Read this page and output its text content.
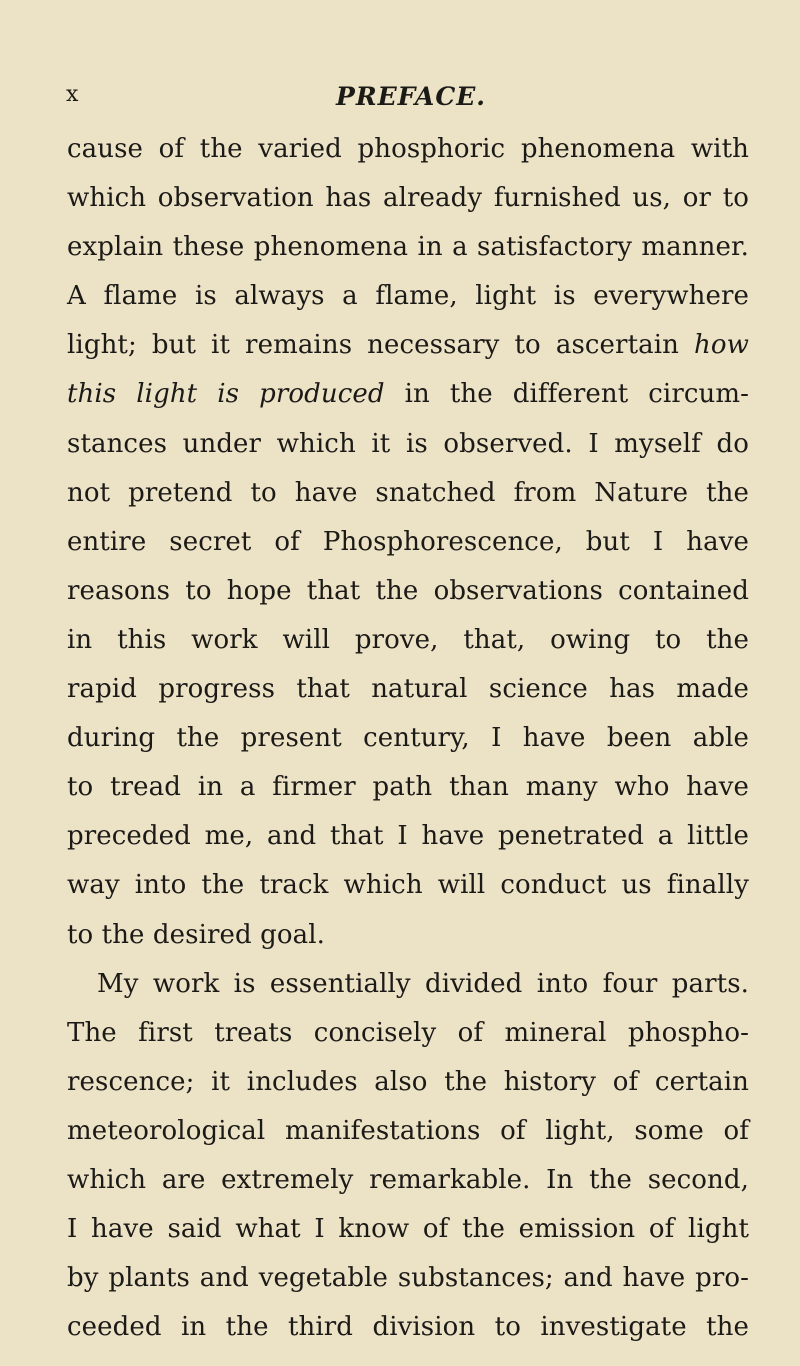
x	PREFACE.
cause of the varied phosphoric phenomena with
which observation has already furnished us, or to
explain these phenomena in a satisfactory manner.
A flame is always a flame, light is everywhere
light; but it remains necessary to ascertain how
this light is produced in the different circum-
stances under which it is observed. I myself do
not pretend to have snatched from Nature the
entire secret of Phosphorescence, but I have
reasons to hope that the observations contained
in this work will prove, that, owing to the
rapid progress that natural science has made
during the present century, I have been able
to tread in a firmer path than many who have
preceded me, and that I have penetrated a little
way into the track which will conduct us finally
to the desired goal.
My work is essentially divided into four parts.
The first treats concisely of mineral phospho-
rescence; it includes also the history of certain
meteorological manifestations of light, some of
which are extremely remarkable. In the second,
I have said what I know of the emission of light
by plants and vegetable substances; and have pro-
ceeded in the third division to investigate the
